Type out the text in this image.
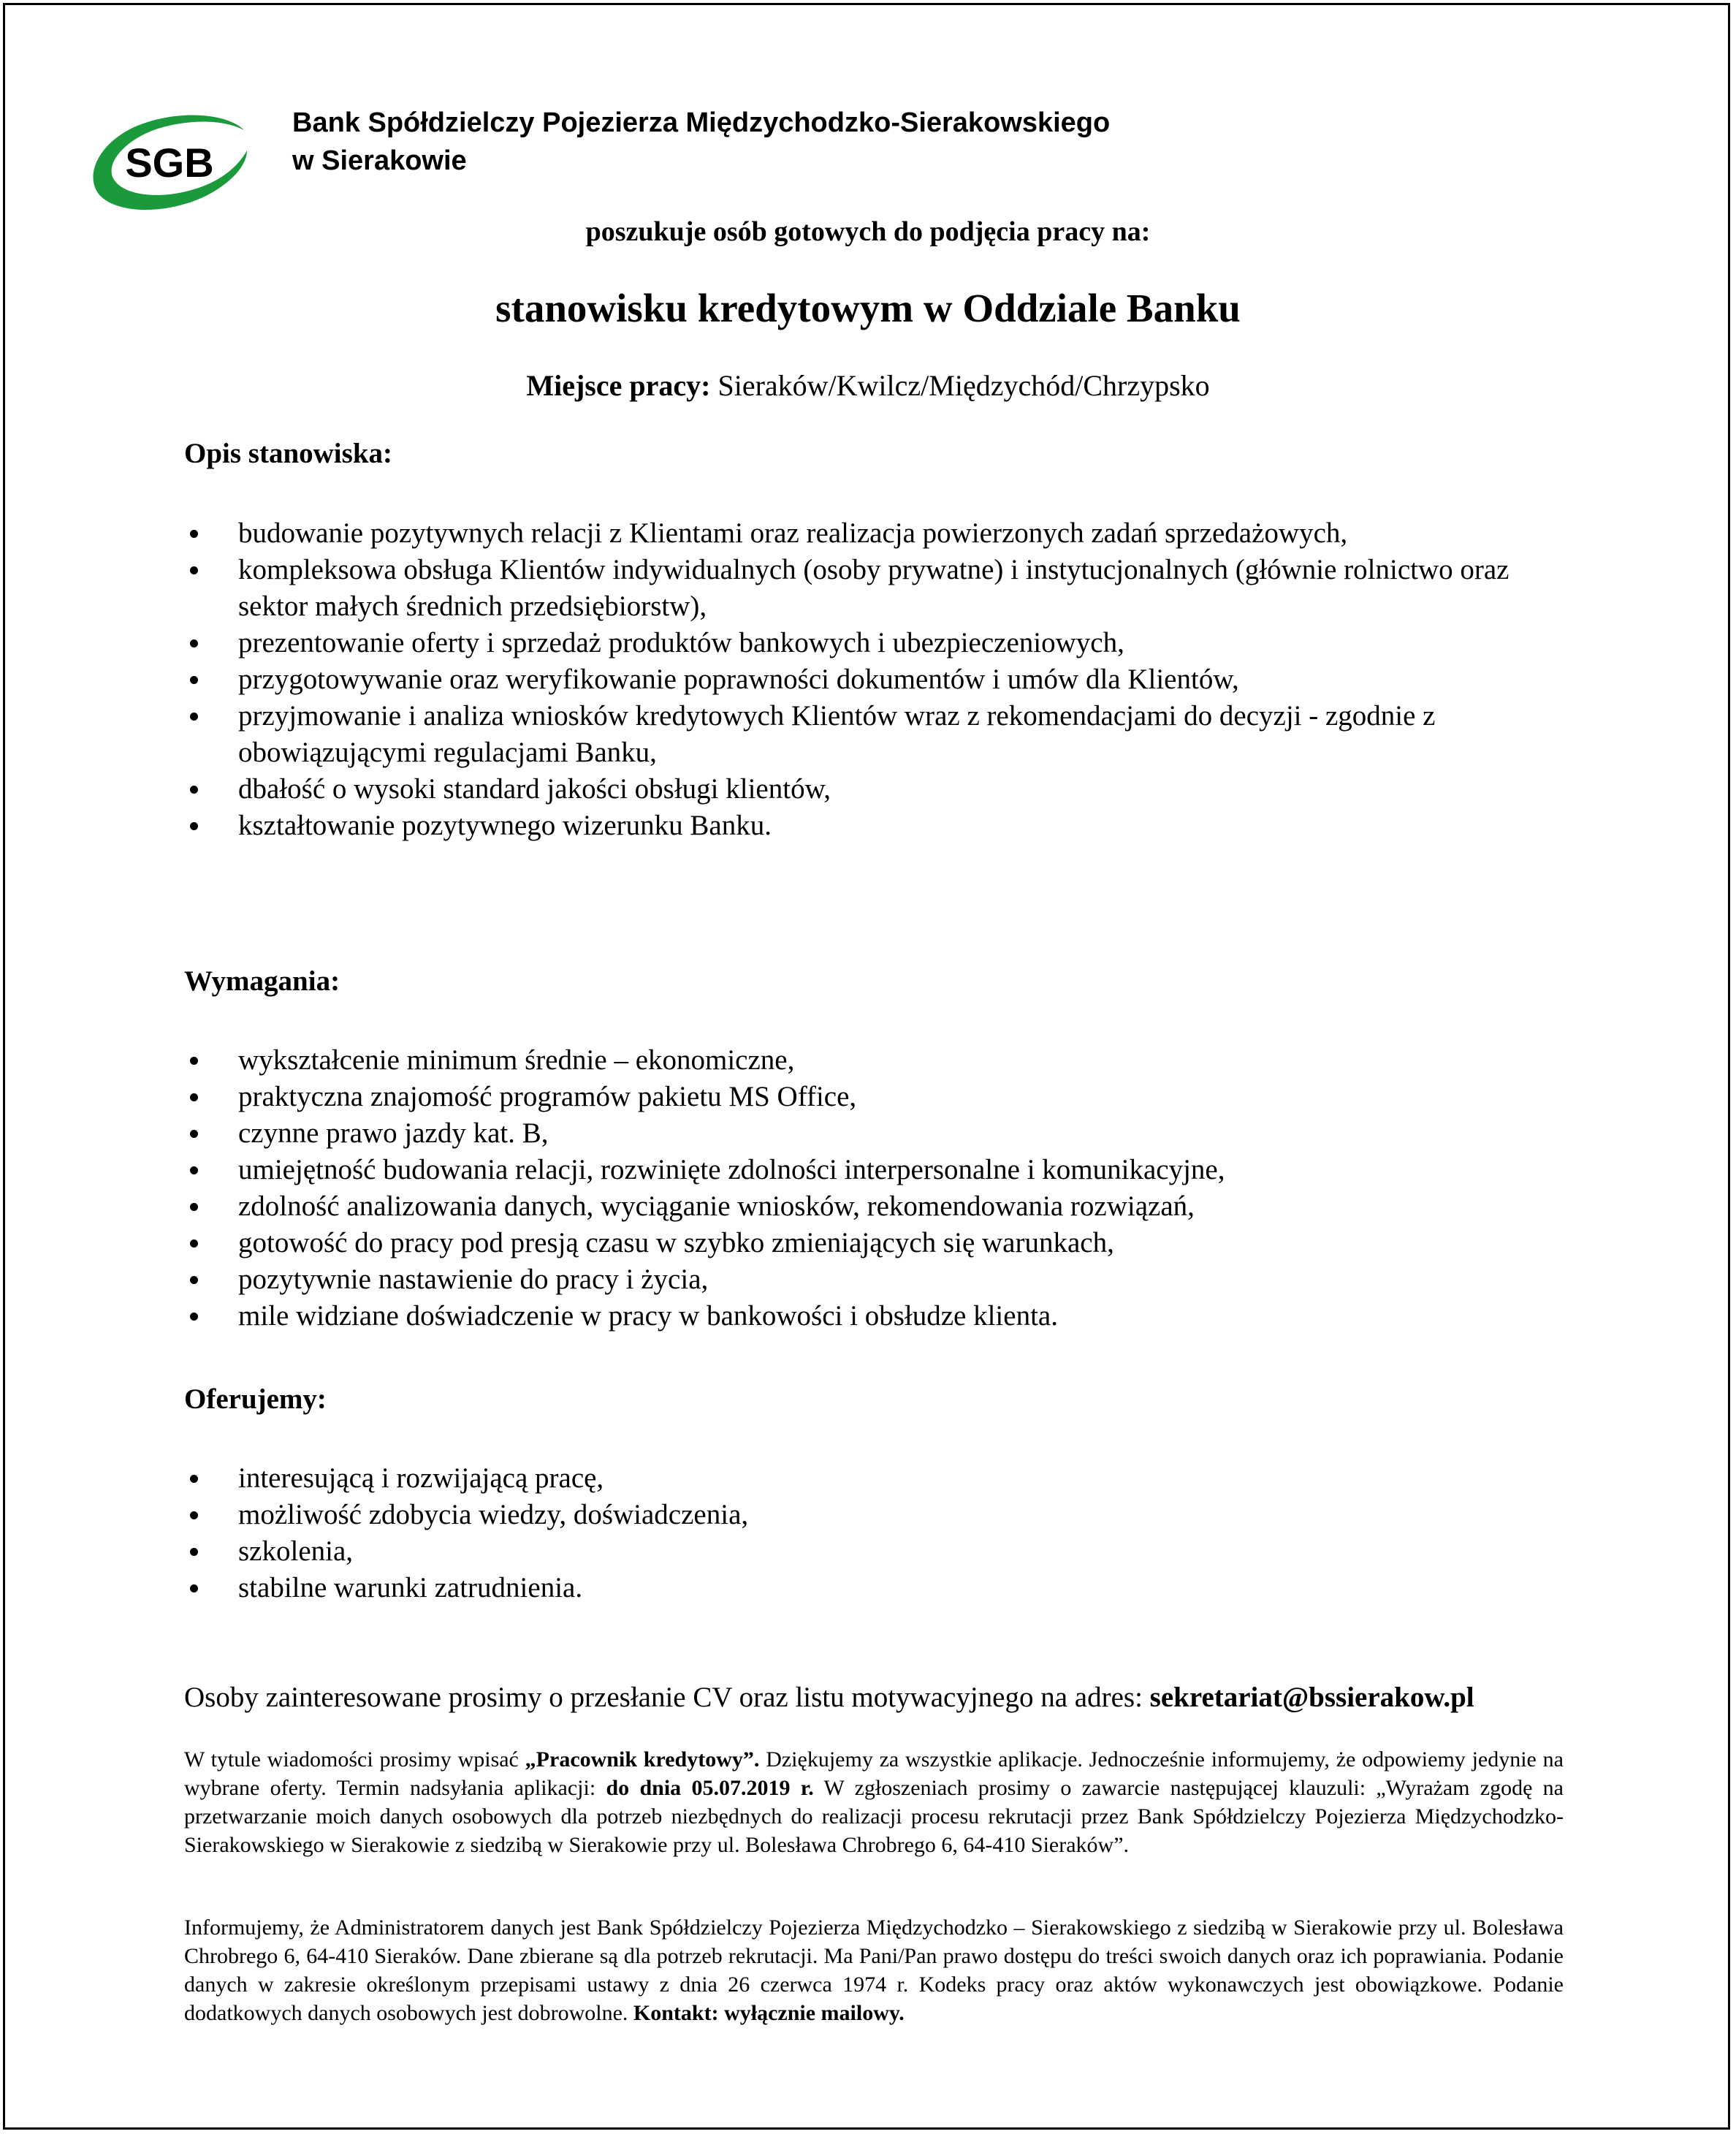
SGB
Bank Spółdzielczy Pojezierza Międzychodzko-Sierakowskiego
w Sierakowie
poszukuje osób gotowych do podjęcia pracy na:
stanowisku kredytowym w Oddziale Banku
Miejsce pracy: Sieraków/Kwilcz/Międzychód/Chrzypsko
Opis stanowiska:
budowanie pozytywnych relacji z Klientami oraz realizacja powierzonych zadań sprzedażowych,
kompleksowa obsługa Klientów indywidualnych (osoby prywatne) i instytucjonalnych (głównie rolnictwo oraz sektor małych średnich przedsiębiorstw),
prezentowanie oferty i sprzedaż produktów bankowych i ubezpieczeniowych,
przygotowywanie oraz weryfikowanie poprawności dokumentów i umów dla Klientów,
przyjmowanie i analiza wniosków kredytowych Klientów wraz z rekomendacjami do decyzji - zgodnie z obowiązującymi regulacjami Banku,
dbałość o wysoki standard jakości obsługi klientów,
kształtowanie pozytywnego wizerunku Banku.
Wymagania:
wykształcenie minimum średnie – ekonomiczne,
praktyczna znajomość programów pakietu MS Office,
czynne prawo jazdy kat. B,
umiejętność budowania relacji, rozwinięte zdolności interpersonalne i komunikacyjne,
zdolność analizowania danych, wyciąganie wniosków, rekomendowania rozwiązań,
gotowość do pracy pod presją czasu w szybko zmieniających się warunkach,
pozytywnie nastawienie do pracy i życia,
mile widziane doświadczenie w pracy w bankowości i obsłudze klienta.
Oferujemy:
interesującą i rozwijającą pracę,
możliwość zdobycia wiedzy, doświadczenia,
szkolenia,
stabilne warunki zatrudnienia.
Osoby zainteresowane prosimy o przesłanie CV oraz listu motywacyjnego na adres: sekretariat@bssierakow.pl

W tytule wiadomości prosimy wpisać „Pracownik kredytowy”. Dziękujemy za wszystkie aplikacje. Jednocześnie informujemy, że odpowiemy jedynie na wybrane oferty. Termin nadsyłania aplikacji: do dnia 05.07.2019 r. W zgłoszeniach prosimy o zawarcie następującej klauzuli: „Wyrażam zgodę na przetwarzanie moich danych osobowych dla potrzeb niezbędnych do realizacji procesu rekrutacji przez Bank Spółdzielczy Pojezierza Międzychodzko-Sierakowskiego w Sierakowie z siedzibą w Sierakowie przy ul. Bolesława Chrobrego 6, 64-410 Sieraków”.

Informujemy, że Administratorem danych jest Bank Spółdzielczy Pojezierza Międzychodzko – Sierakowskiego z siedzibą w Sierakowie przy ul. Bolesława Chrobrego 6, 64-410 Sieraków. Dane zbierane są dla potrzeb rekrutacji. Ma Pani/Pan prawo dostępu do treści swoich danych oraz ich poprawiania. Podanie danych w zakresie określonym przepisami ustawy z dnia 26 czerwca 1974 r. Kodeks pracy oraz aktów wykonawczych jest obowiązkowe. Podanie dodatkowych danych osobowych jest dobrowolne. Kontakt: wyłącznie mailowy.
